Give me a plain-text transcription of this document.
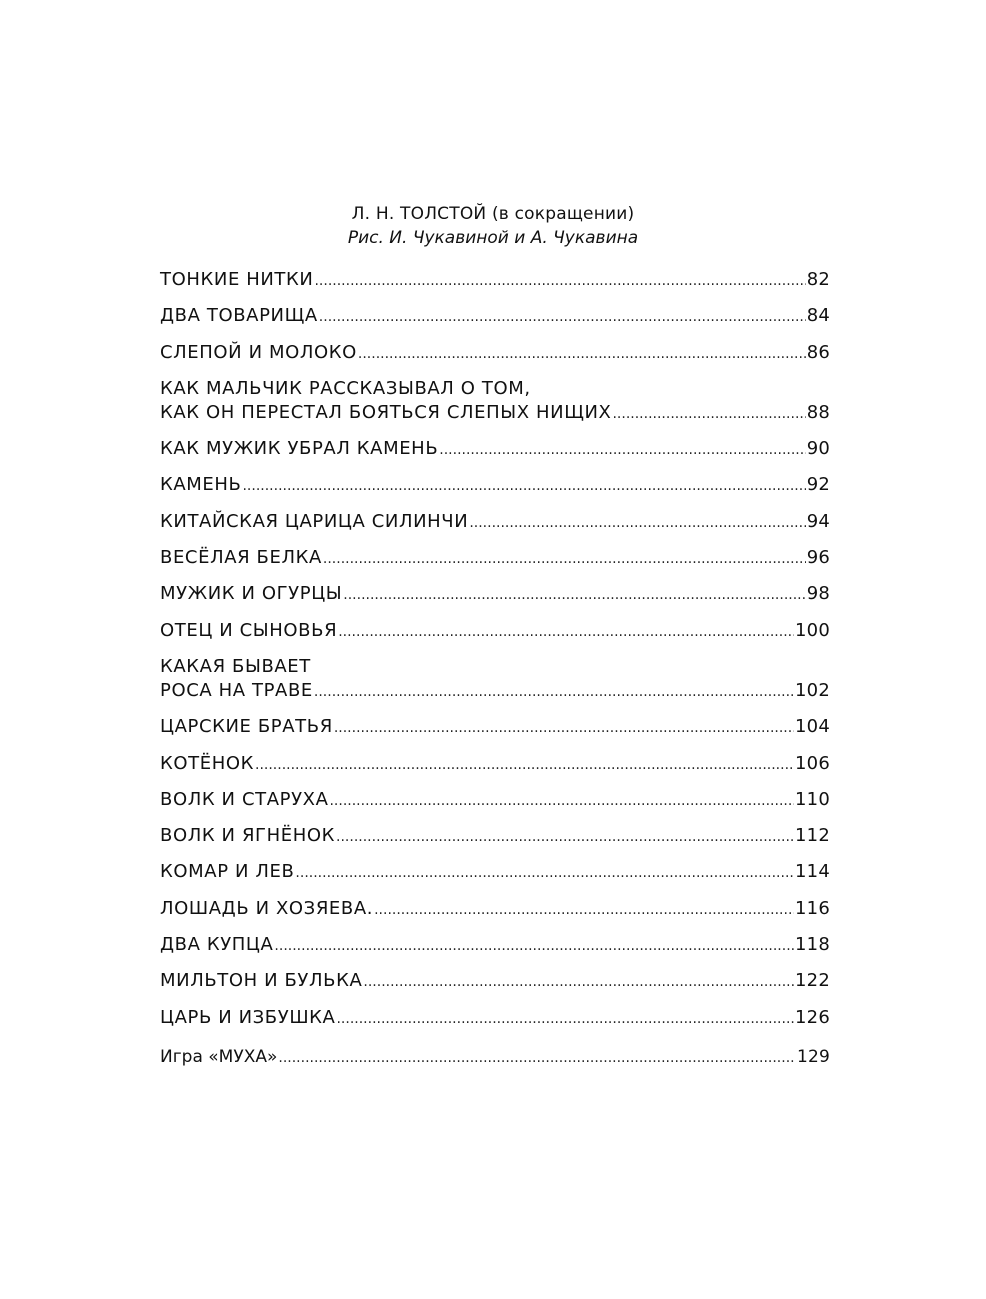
Л. Н. ТОЛСТОЙ (в сокращении)
Рис. И. Чукавиной и А. Чукавина
ТОНКИЕ НИТКИ .....	82
ДВА ТОВАРИЩА .....	84
СЛЕПОЙ И МОЛОКО .....	86
КАК МАЛЬЧИК РАССКАЗЫВАЛ О ТОМ,
КАК ОН ПЕРЕСТАЛ БОЯТЬСЯ СЛЕПЫХ НИЩИХ .....	88
КАК МУЖИК УБРАЛ КАМЕНЬ .....	90
КАМЕНЬ .....	92
КИТАЙСКАЯ ЦАРИЦА СИЛИНЧИ .....	94
ВЕСЁЛАЯ БЕЛКА .....	96
МУЖИК И ОГУРЦЫ .....	98
ОТЕЦ И СЫНОВЬЯ .....	100
КАКАЯ БЫВАЕТ
РОСА НА ТРАВЕ .....	102
ЦАРСКИЕ БРАТЬЯ .....	104
КОТЁНОК .....	106
ВОЛК И СТАРУХА .....	110
ВОЛК И ЯГНЁНОК .....	112
КОМАР И ЛЕВ .....	114
ЛОШАДЬ И ХОЗЯЕВА. .....	116
ДВА КУПЦА .....	118
МИЛЬТОН И БУЛЬКА .....	122
ЦАРЬ И ИЗБУШКА .....	126
Игра «МУХА» .....	129
